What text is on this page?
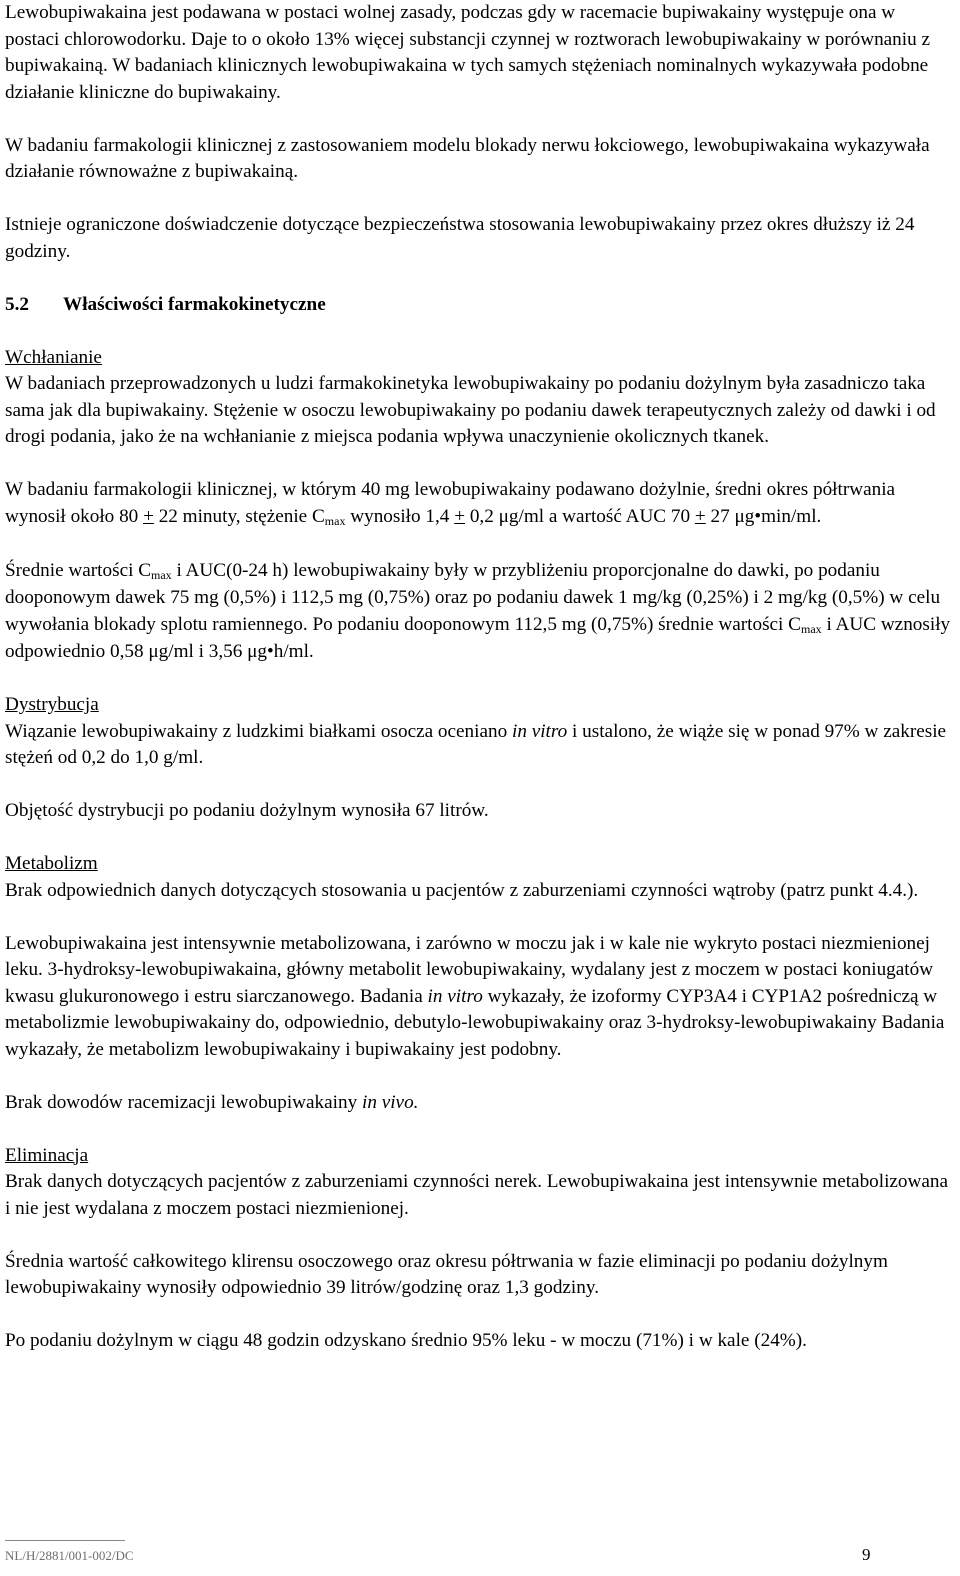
Lewobupiwakaina jest podawana w postaci wolnej zasady, podczas gdy w racemacie bupiwakainy występuje ona w postaci chlorowodorku. Daje to o około 13% więcej substancji czynnej w roztworach lewobupiwakainy w porównaniu z bupiwakainą. W badaniach klinicznych lewobupiwakaina w tych samych stężeniach nominalnych wykazywała podobne działanie kliniczne do bupiwakainy.

W badaniu farmakologii klinicznej z zastosowaniem modelu blokady nerwu łokciowego, lewobupiwakaina wykazywała działanie równoważne z bupiwakainą.

Istnieje ograniczone doświadczenie dotyczące bezpieczeństwa stosowania lewobupiwakainy przez okres dłuższy iż 24 godziny.

5.2 Właściwości farmakokinetyczne
Wchłanianie

W badaniach przeprowadzonych u ludzi farmakokinetyka lewobupiwakainy po podaniu dożylnym była zasadniczo taka sama jak dla bupiwakainy. Stężenie w osoczu lewobupiwakainy po podaniu dawek terapeutycznych zależy od dawki i od drogi podania, jako że na wchłanianie z miejsca podania wpływa unaczynienie okolicznych tkanek.

W badaniu farmakologii klinicznej, w którym 40 mg lewobupiwakainy podawano dożylnie, średni okres półtrwania wynosił około 80 + 22 minuty, stężenie Cmax wynosiło 1,4 + 0,2 μg/ml a wartość AUC 70 + 27 μg•min/ml.

Średnie wartości Cmax i AUC(0-24 h) lewobupiwakainy były w przybliżeniu proporcjonalne do dawki, po podaniu dooponowym dawek 75 mg (0,5%) i 112,5 mg (0,75%) oraz po podaniu dawek 1 mg/kg (0,25%) i 2 mg/kg (0,5%) w celu wywołania blokady splotu ramiennego. Po podaniu dooponowym 112,5 mg (0,75%) średnie wartości Cmax i AUC wznosiły odpowiednio 0,58 μg/ml i 3,56 μg•h/ml.

Dystrybucja

Wiązanie lewobupiwakainy z ludzkimi białkami osocza oceniano in vitro i ustalono, że wiąże się w ponad 97% w zakresie stężeń od 0,2 do 1,0 g/ml.

Objętość dystrybucji po podaniu dożylnym wynosiła 67 litrów.

Metabolizm

Brak odpowiednich danych dotyczących stosowania u pacjentów z zaburzeniami czynności wątroby (patrz punkt 4.4.).

Lewobupiwakaina jest intensywnie metabolizowana, i zarówno w moczu jak i w kale nie wykryto postaci niezmienionej leku. 3-hydroksy-lewobupiwakaina, główny metabolit lewobupiwakainy, wydalany jest z moczem w postaci koniugatów kwasu glukuronowego i estru siarczanowego. Badania in vitro wykazały, że izoformy CYP3A4 i CYP1A2 pośredniczą w metabolizmie lewobupiwakainy do, odpowiednio, debutylo-lewobupiwakainy oraz 3-hydroksy-lewobupiwakainy Badania wykazały, że metabolizm lewobupiwakainy i bupiwakainy jest podobny.

Brak dowodów racemizacji lewobupiwakainy in vivo.

Eliminacja

Brak danych dotyczących pacjentów z zaburzeniami czynności nerek. Lewobupiwakaina jest intensywnie metabolizowana i nie jest wydalana z moczem postaci niezmienionej.

Średnia wartość całkowitego klirensu osoczowego oraz okresu półtrwania w fazie eliminacji po podaniu dożylnym lewobupiwakainy wynosiły odpowiednio 39 litrów/godzinę oraz 1,3 godziny.

Po podaniu dożylnym w ciągu 48 godzin odzyskano średnio 95% leku - w moczu (71%) i w kale (24%).

NL/H/2881/001-002/DC	9
